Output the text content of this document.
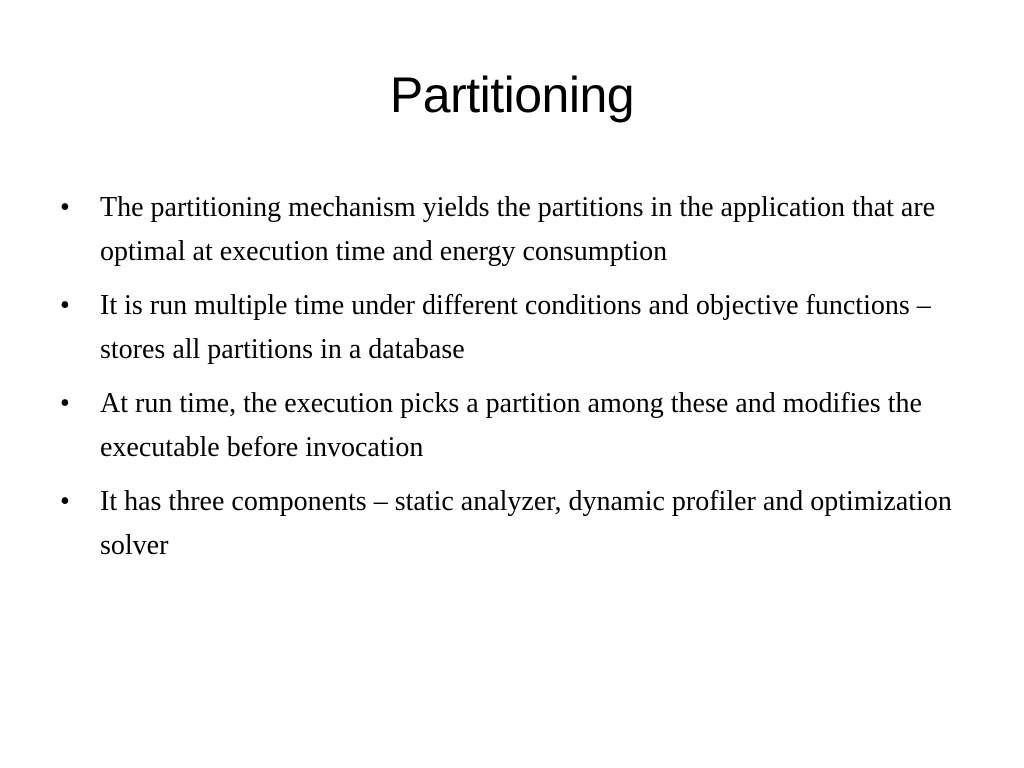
Partitioning
•	The partitioning mechanism yields the partitions in the application that are optimal at execution time and energy consumption
•	It is run multiple time under different conditions and objective functions – stores all partitions in a database
•	At run time, the execution picks a partition among these and modifies the executable before invocation
•	It has three components – static analyzer, dynamic profiler and optimization solver
